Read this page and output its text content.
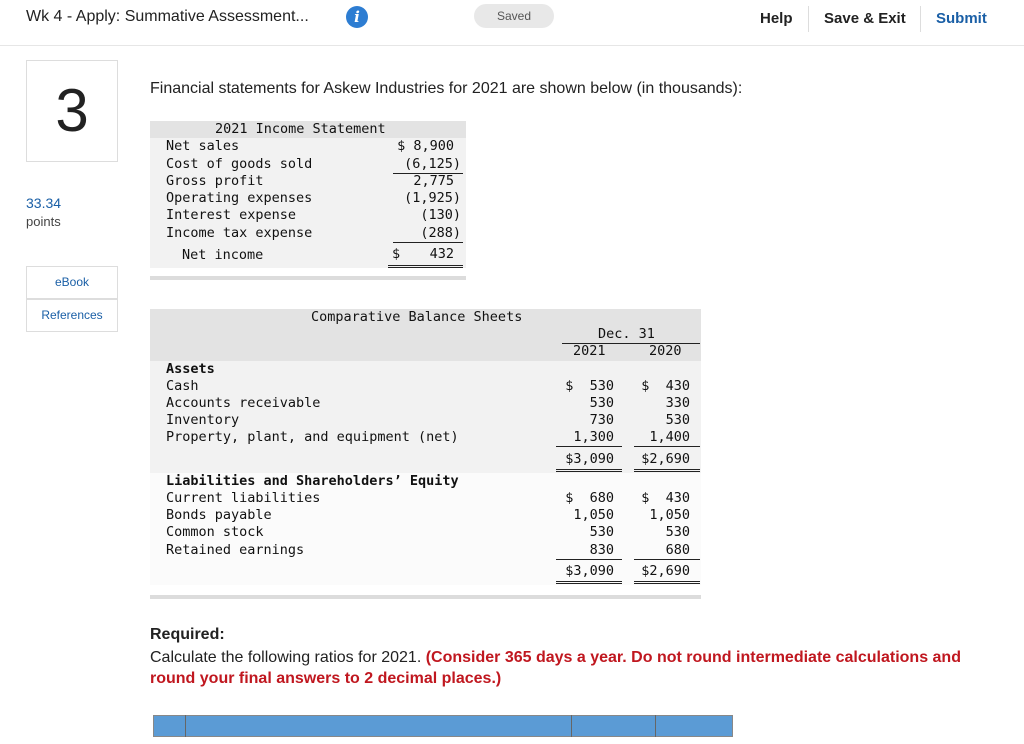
Wk 4 - Apply: Summative Assessment...	i	Saved	Help Save & Exit Submit
3
33.34
points
eBook
References
Financial statements for Askew Industries for 2021 are shown below (in thousands):
2021 Income Statement
Net sales	$ 8,900
Cost of goods sold	(6,125)
Gross profit	2,775
Operating expenses	(1,925)
Interest expense	(130)
Income tax expense	(288)
Net income	$	432
Comparative Balance Sheets
Dec. 31
2021	2020
Assets
Cash	$  530	$  430
Accounts receivable	530	330
Inventory	730	530
Property, plant, and equipment (net)	1,300	1,400
$3,090	$2,690
Liabilities and Shareholders’ Equity
Current liabilities	$  680	$  430
Bonds payable	1,050	1,050
Common stock	530	530
Retained earnings	830	680
$3,090	$2,690
Required:
Calculate the following ratios for 2021. (Consider 365 days a year. Do not round intermediate calculations and round your final answers to 2 decimal places.)
